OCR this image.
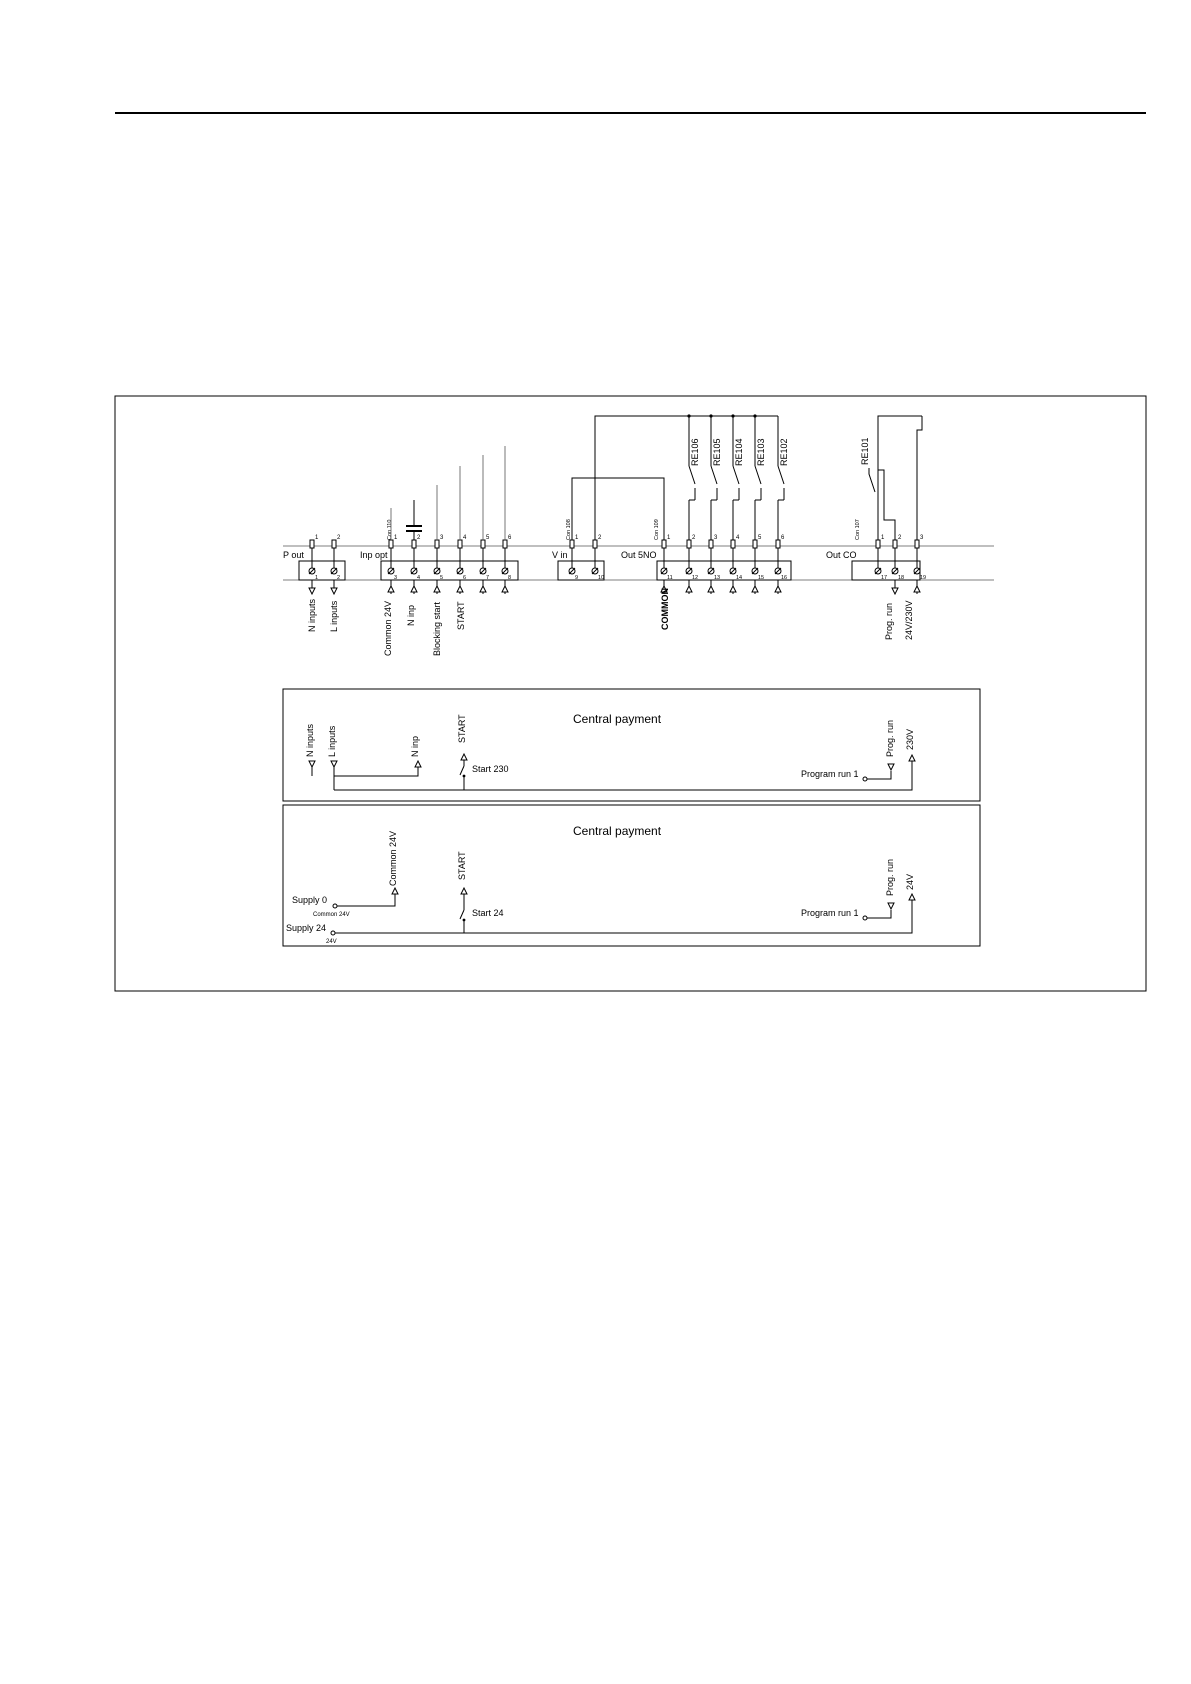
P out	Inp opt	V in	Out 5NO	Out CO
Con 110	Con 108	Con 109	Con 107
1
1
2
2
1
3
2
4
3
5
4
6
5
7
6
8
1
9
2
10
1
11
2
12
3
13
4
14
5
15
6
16
1
17
2
18
3
19
RE106 RE105 RE104 RE103 RE102	RE101
N inputs L inputs	Common 24V N inp Blocking start START	COMMON	Prog. run 24V/230V
Central payment
N inputs L inputs	N inp
START
Start 230	Program run 1
Prog. run 230V
Central payment
Common 24V
Supply 0
Common 24V
START
Start 24
Supply 24
24V
Program run 1
Prog. run 24V
